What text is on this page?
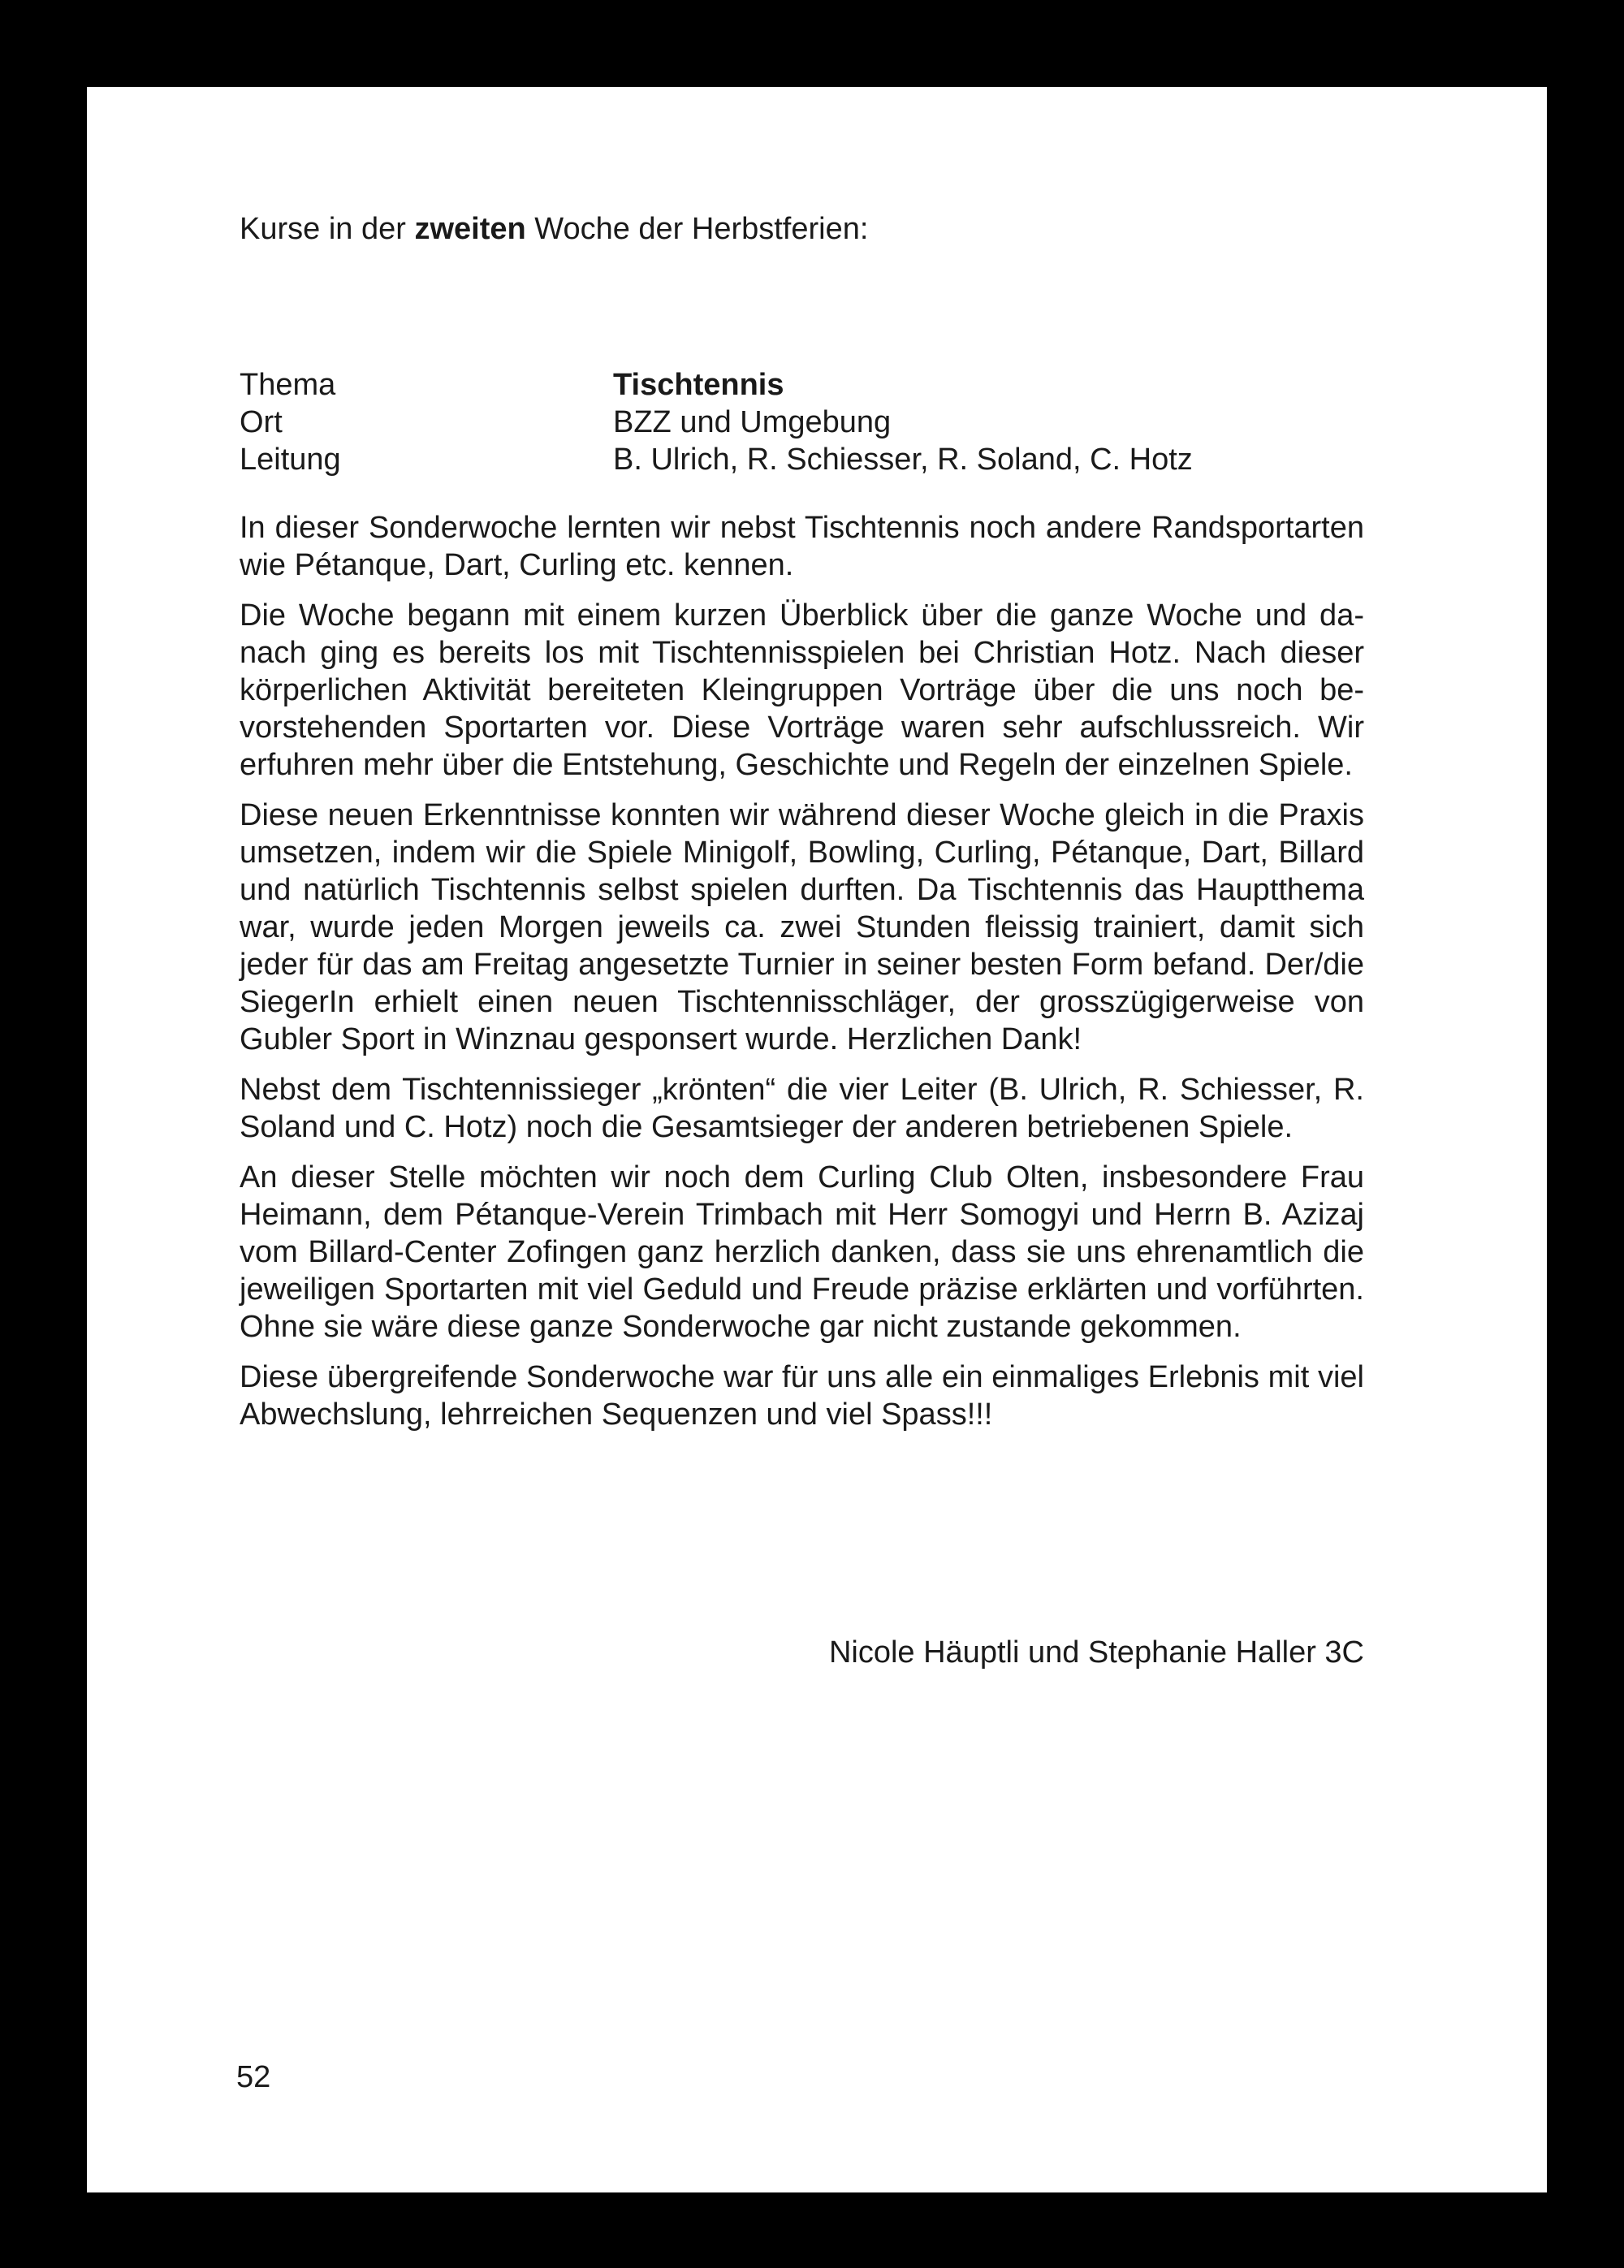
Kurse in der zweiten Woche der Herbstferien:

Thema	Tischtennis
Ort	BZZ und Umgebung
Leitung	B. Ulrich, R. Schiesser, R. Soland, C. Hotz

In dieser Sonderwoche lernten wir nebst Tischtennis noch andere Randsportarten wie Pétanque, Dart, Curling etc. kennen.

Die Woche begann mit einem kurzen Überblick über die ganze Woche und danach ging es bereits los mit Tischtennisspielen bei Christian Hotz. Nach dieser körperlichen Aktivität bereiteten Kleingruppen Vorträge über die uns noch bevorstehenden Sportarten vor. Diese Vorträge waren sehr aufschlussreich. Wir erfuhren mehr über die Entstehung, Geschichte und Regeln der einzelnen Spiele.

Diese neuen Erkenntnisse konnten wir während dieser Woche gleich in die Praxis umsetzen, indem wir die Spiele Minigolf, Bowling, Curling, Pétanque, Dart, Billard und natürlich Tischtennis selbst spielen durften. Da Tischtennis das Hauptthema war, wurde jeden Morgen jeweils ca. zwei Stunden fleissig trainiert, damit sich jeder für das am Freitag angesetzte Turnier in seiner besten Form befand. Der/die SiegerIn erhielt einen neuen Tischtennisschläger, der grosszügigerweise von Gubler Sport in Winznau gesponsert wurde. Herzlichen Dank!

Nebst dem Tischtennissieger „krönten“ die vier Leiter (B. Ulrich, R. Schiesser, R. Soland und C. Hotz) noch die Gesamtsieger der anderen betriebenen Spiele.

An dieser Stelle möchten wir noch dem Curling Club Olten, insbesondere Frau Heimann, dem Pétanque-Verein Trimbach mit Herr Somogyi und Herrn B. Azizaj vom Billard-Center Zofingen ganz herzlich danken, dass sie uns ehrenamtlich die jeweiligen Sportarten mit viel Geduld und Freude präzise erklärten und vorführten. Ohne sie wäre diese ganze Sonderwoche gar nicht zustande gekommen.

Diese übergreifende Sonderwoche war für uns alle ein einmaliges Erlebnis mit viel Abwechslung, lehrreichen Sequenzen und viel Spass!!!

Nicole Häuptli und Stephanie Haller 3C

52
